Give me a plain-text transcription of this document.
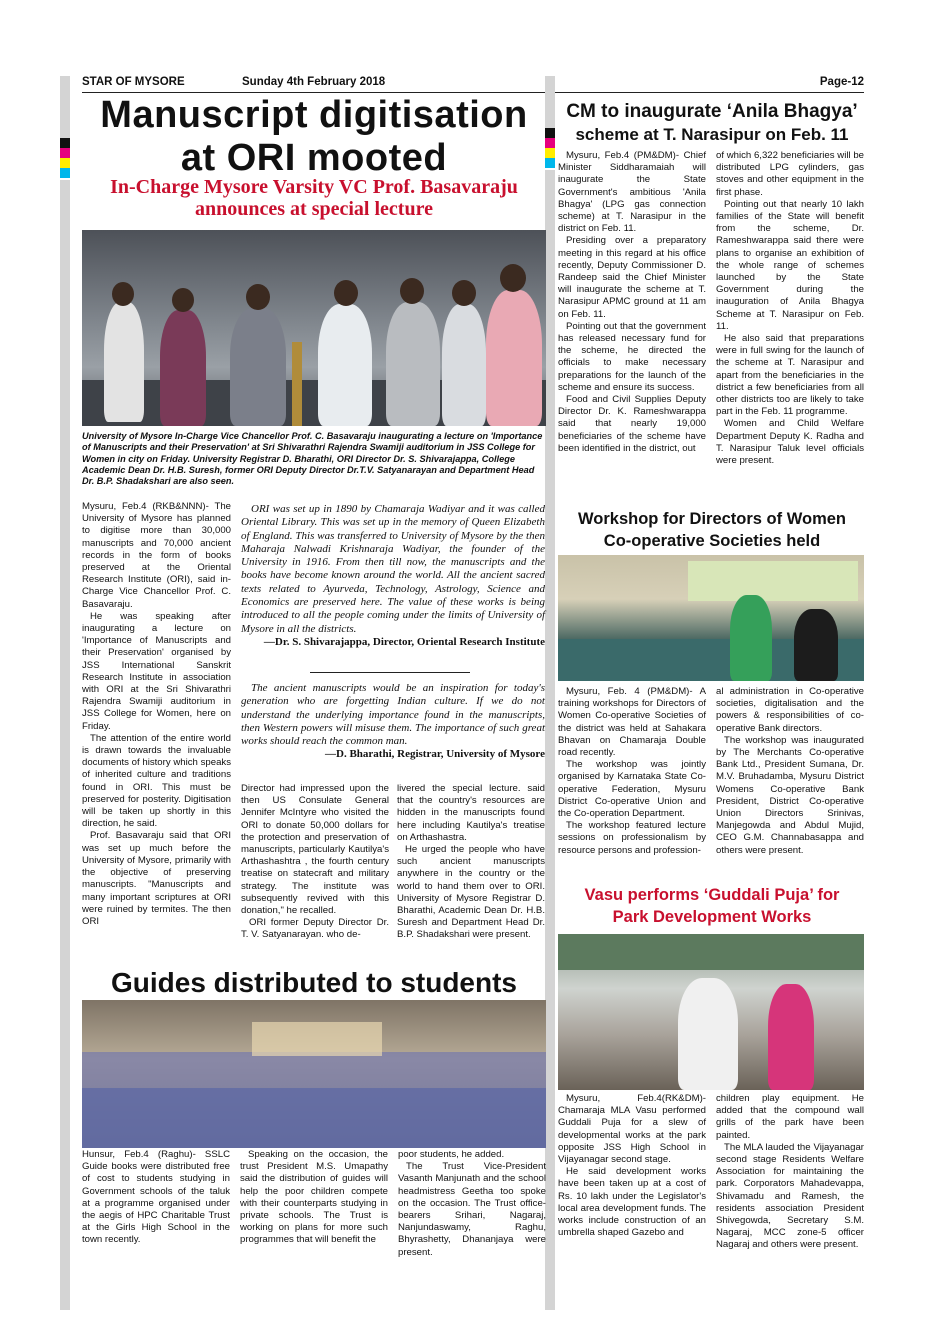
STAR OF MYSORE	Sunday 4th February 2018	Page-12
Manuscript digitisation
at ORI mooted
In-Charge Mysore Varsity VC Prof. Basavaraju
announces at special lecture
University of Mysore In-Charge Vice Chancellor Prof. C. Basavaraju inaugurating a lecture on 'Importance of Manuscripts and their Preservation' at Sri Shivarathri Rajendra Swamiji auditorium in JSS College for Women in city on Friday. University Registrar D. Bharathi, ORI Director Dr. S. Shivarajappa, College Academic Dean Dr. H.B. Suresh, former ORI Deputy Director Dr.T.V. Satyanarayan and Department Head Dr. B.P. Shadakshari are also seen.

Mysuru, Feb.4 (RKB&NNN)- The University of Mysore has planned to digitise more than 30,000 manuscripts and 70,000 ancient records in the form of books preserved at the Oriental Research Institute (ORI), said in-Charge Vice Chancellor Prof. C. Basavaraju.

He was speaking after inaugurating a lecture on 'Importance of Manuscripts and their Preservation' organised by JSS International Sanskrit Research Institute in association with ORI at the Sri Shivarathri Rajendra Swamiji auditorium in JSS College for Women, here on Friday.

The attention of the entire world is drawn towards the invaluable documents of history which speaks of inherited culture and traditions found in ORI. This must be preserved for posterity. Digitisation will be taken up shortly in this direction, he said.

Prof. Basavaraju said that ORI was set up much before the University of Mysore, primarily with the objective of preserving manuscripts. "Manuscripts and many important scriptures at ORI were ruined by termites. The then ORI

ORI was set up in 1890 by Chamaraja Wadiyar and it was called Oriental Library. This was set up in the memory of Queen Elizabeth of England. This was transferred to University of Mysore by the then Maharaja Nalwadi Krishnaraja Wadiyar, the founder of the University in 1916. From then till now, the manuscripts and the books have become known around the world. All the ancient sacred texts related to Ayurveda, Technology, Astrology, Science and Economics are preserved here. The value of these works is being introduced to all the people coming under the limits of University of Mysore in all the districts.
—Dr. S. Shivarajappa, Director, Oriental Research Institute
The ancient manuscripts would be an inspiration for today's generation who are forgetting Indian culture. If we do not understand the underlying importance found in the manuscripts, then Western powers will misuse them. The importance of such great works should reach the common man.
—D. Bharathi, Registrar, University of Mysore

Director had impressed upon the then US Consulate General Jennifer McIntyre who visited the ORI to donate 50,000 dollars for the protection and preservation of manuscripts, particularly Kautilya's Arthashashtra , the fourth century treatise on statecraft and military strategy. The institute was subsequently revived with this donation," he recalled.

ORI former Deputy Director Dr. T. V. Satyanarayan. who de-

livered the special lecture. said that the country's resources are hidden in the manuscripts found here including Kautilya's treatise on Arthashastra.

He urged the people who have such ancient manuscripts anywhere in the country or the world to hand them over to ORI. University of Mysore Registrar D. Bharathi, Academic Dean Dr. H.B. Suresh and Department Head Dr. B.P. Shadakshari were present.

Guides distributed to students

Hunsur, Feb.4 (Raghu)- SSLC Guide books were distributed free of cost to students studying in Government schools of the taluk at a programme organised under the aegis of HPC Charitable Trust at the Girls High School in the town recently.

Speaking on the occasion, the trust President M.S. Umapathy said the distribution of guides will help the poor children compete with their counterparts studying in private schools. The Trust is working on plans for more such programmes that will benefit the

poor students, he added.

The Trust Vice-President Vasanth Manjunath and the school headmistress Geetha too spoke on the occasion. The Trust office-bearers Srihari, Nagaraj, Nanjundaswamy, Raghu, Bhyrashetty, Dhananjaya were present.

CM to inaugurate ‘Anila Bhagya’
scheme at T. Narasipur on Feb. 11

Mysuru, Feb.4 (PM&DM)- Chief Minister Siddharamaiah will inaugurate the State Government's ambitious 'Anila Bhagya' (LPG gas connection scheme) at T. Narasipur in the district on Feb. 11.

Presiding over a preparatory meeting in this regard at his office recently, Deputy Commissioner D. Randeep said the Chief Minister will inaugurate the scheme at T. Narasipur APMC ground at 11 am on Feb. 11.

Pointing out that the government has released necessary fund for the scheme, he directed the officials to make necessary preparations for the launch of the scheme and ensure its success.

Food and Civil Supplies Deputy Director Dr. K. Rameshwarappa said that nearly 19,000 beneficiaries of the scheme have been identified in the district, out

of which 6,322 beneficiaries will be distributed LPG cylinders, gas stoves and other equipment in the first phase.

Pointing out that nearly 10 lakh families of the State will benefit from the scheme, Dr. Rameshwarappa said there were plans to organise an exhibition of the whole range of schemes launched by the State Government during the inauguration of Anila Bhagya Scheme at T. Narasipur on Feb. 11.

He also said that preparations were in full swing for the launch of the scheme at T. Narasipur and apart from the beneficiaries in the district a few beneficiaries from all other districts too are likely to take part in the Feb. 11 programme.

Women and Child Welfare Department Deputy K. Radha and T. Narasipur Taluk level officials were present.

Workshop for Directors of Women
Co-operative Societies held

Mysuru, Feb. 4 (PM&DM)- A training workshops for Directors of Women Co-operative Societies of the district was held at Sahakara Bhavan on Chamaraja Double road recently.

The workshop was jointly organised by Karnataka State Co-operative Federation, Mysuru District Co-operative Union and the Co-operation Department.

The workshop featured lecture sessions on professionalism by resource persons and profession-

al administration in Co-operative societies, digitalisation and the powers & responsibilities of co-operative Bank directors.

The workshop was inaugurated by The Merchants Co-operative Bank Ltd., President Sumana, Dr. M.V. Bruhadamba, Mysuru District Womens Co-operative Bank President, District Co-operative Union Directors Srinivas, Manjegowda and Abdul Mujid, CEO G.M. Channabasappa and others were present.

Vasu performs ‘Guddali Puja’ for
Park Development Works

Mysuru, Feb.4(RK&DM)- Chamaraja MLA Vasu performed Guddali Puja for a slew of developmental works at the park opposite JSS High School in Vijayanagar second stage.

He said development works have been taken up at a cost of Rs. 10 lakh under the Legislator's local area development funds. The works include construction of an umbrella shaped Gazebo and

children play equipment. He added that the compound wall grills of the park have been painted.

The MLA lauded the Vijayanagar second stage Residents Welfare Association for maintaining the park. Corporators Mahadevappa, Shivamadu and Ramesh, the residents association President Shivegowda, Secretary S.M. Nagaraj, MCC zone-5 officer Nagaraj and others were present.
